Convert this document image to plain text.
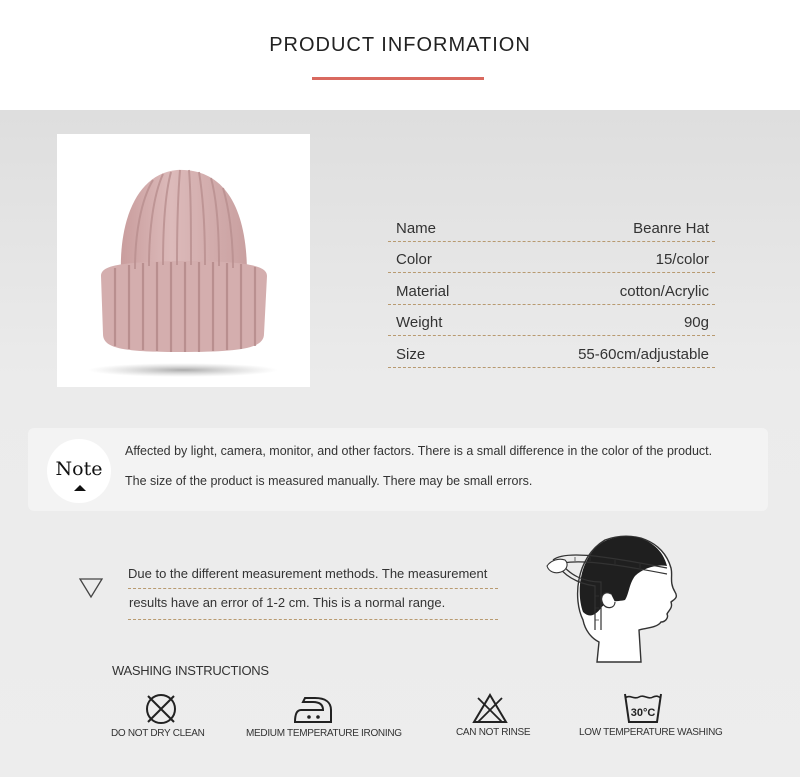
PRODUCT INFORMATION
Name	Beanre Hat
Color	15/color
Material	cotton/Acrylic
Weight	90g
Size	55-60cm/adjustable
Note
Affected by light, camera, monitor, and other factors. There is a small difference in the color of the product.
The size of the product is measured manually. There may be small errors.
Due to the different measurement methods. The measurement
results have an error of 1-2 cm. This is a normal range.
WASHING INSTRUCTIONS
DO NOT DRY CLEAN	MEDIUM TEMPERATURE IRONING	CAN NOT RINSE
30°C
LOW TEMPERATURE WASHING
